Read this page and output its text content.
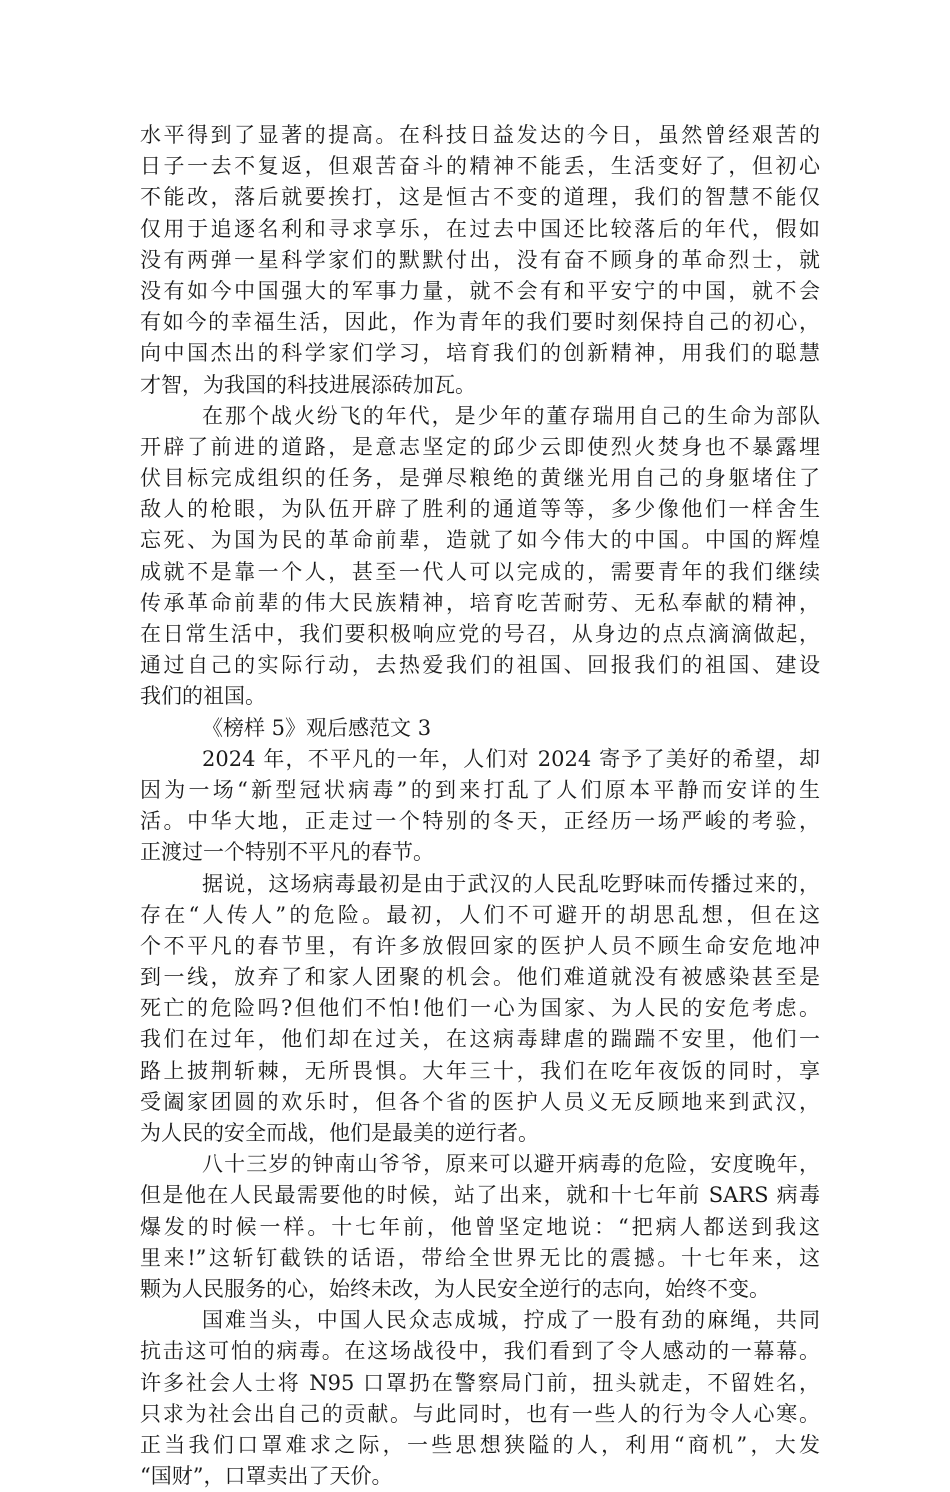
水平得到了显著的提高。在科技日益发达的今日，虽然曾经艰苦的
日子一去不复返，但艰苦奋斗的精神不能丢，生活变好了，但初心
不能改，落后就要挨打，这是恒古不变的道理，我们的智慧不能仅
仅用于追逐名利和寻求享乐，在过去中国还比较落后的年代，假如
没有两弹一星科学家们的默默付出，没有奋不顾身的革命烈士，就
没有如今中国强大的军事力量，就不会有和平安宁的中国，就不会
有如今的幸福生活，因此，作为青年的我们要时刻保持自己的初心，
向中国杰出的科学家们学习，培育我们的创新精神，用我们的聪慧
才智，为我国的科技进展添砖加瓦。
在那个战火纷飞的年代，是少年的董存瑞用自己的生命为部队
开辟了前进的道路，是意志坚定的邱少云即使烈火焚身也不暴露埋
伏目标完成组织的任务，是弹尽粮绝的黄继光用自己的身躯堵住了
敌人的枪眼，为队伍开辟了胜利的通道等等，多少像他们一样舍生
忘死、为国为民的革命前辈，造就了如今伟大的中国。中国的辉煌
成就不是靠一个人，甚至一代人可以完成的，需要青年的我们继续
传承革命前辈的伟大民族精神，培育吃苦耐劳、无私奉献的精神，
在日常生活中，我们要积极响应党的号召，从身边的点点滴滴做起，
通过自己的实际行动，去热爱我们的祖国、回报我们的祖国、建设
我们的祖国。
《榜样 5》观后感范文 3
2024 年，不平凡的一年，人们对 2024 寄予了美好的希望，却
因为一场“新型冠状病毒”的到来打乱了人们原本平静而安详的生
活。中华大地，正走过一个特别的冬天，正经历一场严峻的考验，
正渡过一个特别不平凡的春节。
据说，这场病毒最初是由于武汉的人民乱吃野味而传播过来的，
存在“人传人”的危险。最初，人们不可避开的胡思乱想，但在这
个不平凡的春节里，有许多放假回家的医护人员不顾生命安危地冲
到一线，放弃了和家人团聚的机会。他们难道就没有被感染甚至是
死亡的危险吗?但他们不怕!他们一心为国家、为人民的安危考虑。
我们在过年，他们却在过关，在这病毒肆虐的踹踹不安里，他们一
路上披荆斩棘，无所畏惧。大年三十，我们在吃年夜饭的同时，享
受阖家团圆的欢乐时，但各个省的医护人员义无反顾地来到武汉，
为人民的安全而战，他们是最美的逆行者。
八十三岁的钟南山爷爷，原来可以避开病毒的危险，安度晚年，
但是他在人民最需要他的时候，站了出来，就和十七年前 SARS 病毒
爆发的时候一样。十七年前，他曾坚定地说：“把病人都送到我这
里来!”这斩钉截铁的话语，带给全世界无比的震撼。十七年来，这
颗为人民服务的心，始终未改，为人民安全逆行的志向，始终不变。
国难当头，中国人民众志成城，拧成了一股有劲的麻绳，共同
抗击这可怕的病毒。在这场战役中，我们看到了令人感动的一幕幕。
许多社会人士将 N95 口罩扔在警察局门前，扭头就走，不留姓名，
只求为社会出自己的贡献。与此同时，也有一些人的行为令人心寒。
正当我们口罩难求之际，一些思想狭隘的人，利用“商机”，大发
“国财”，口罩卖出了天价。
